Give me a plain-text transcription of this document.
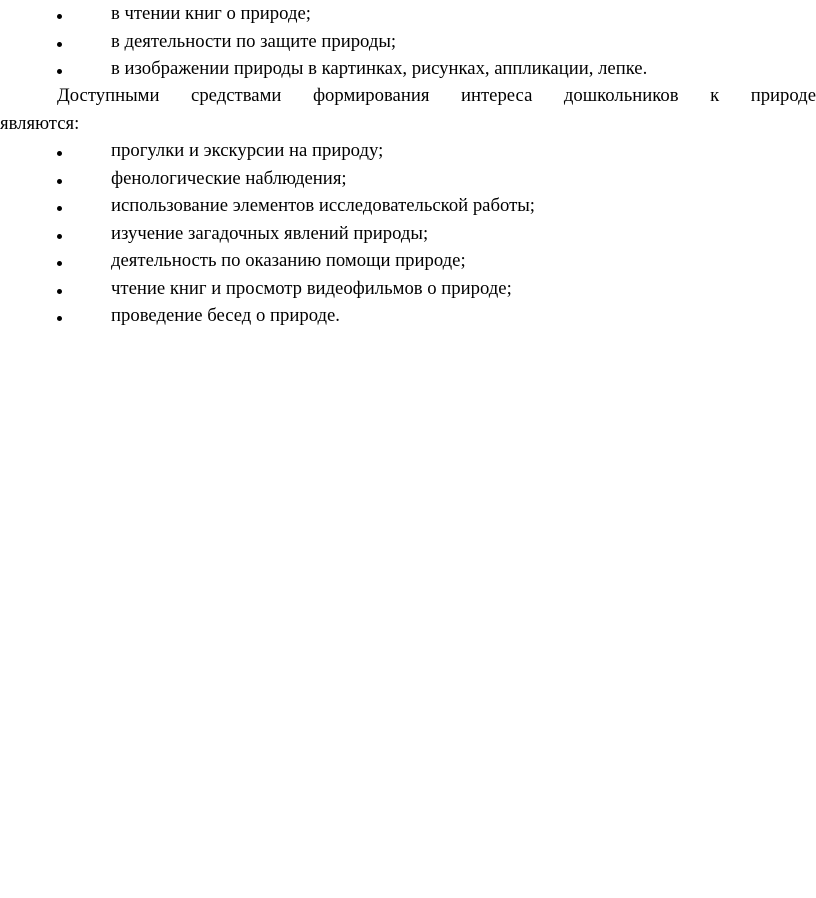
в чтении книг о природе;
в деятельности по защите природы;
в изображении природы в картинках, рисунках, аппликации, лепке.
Доступными средствами формирования интереса дошкольников к природе
являются:
прогулки и экскурсии на природу;
фенологические наблюдения;
использование элементов исследовательской работы;
изучение загадочных явлений природы;
деятельность по оказанию помощи природе;
чтение книг и просмотр видеофильмов о природе;
проведение бесед о природе.
